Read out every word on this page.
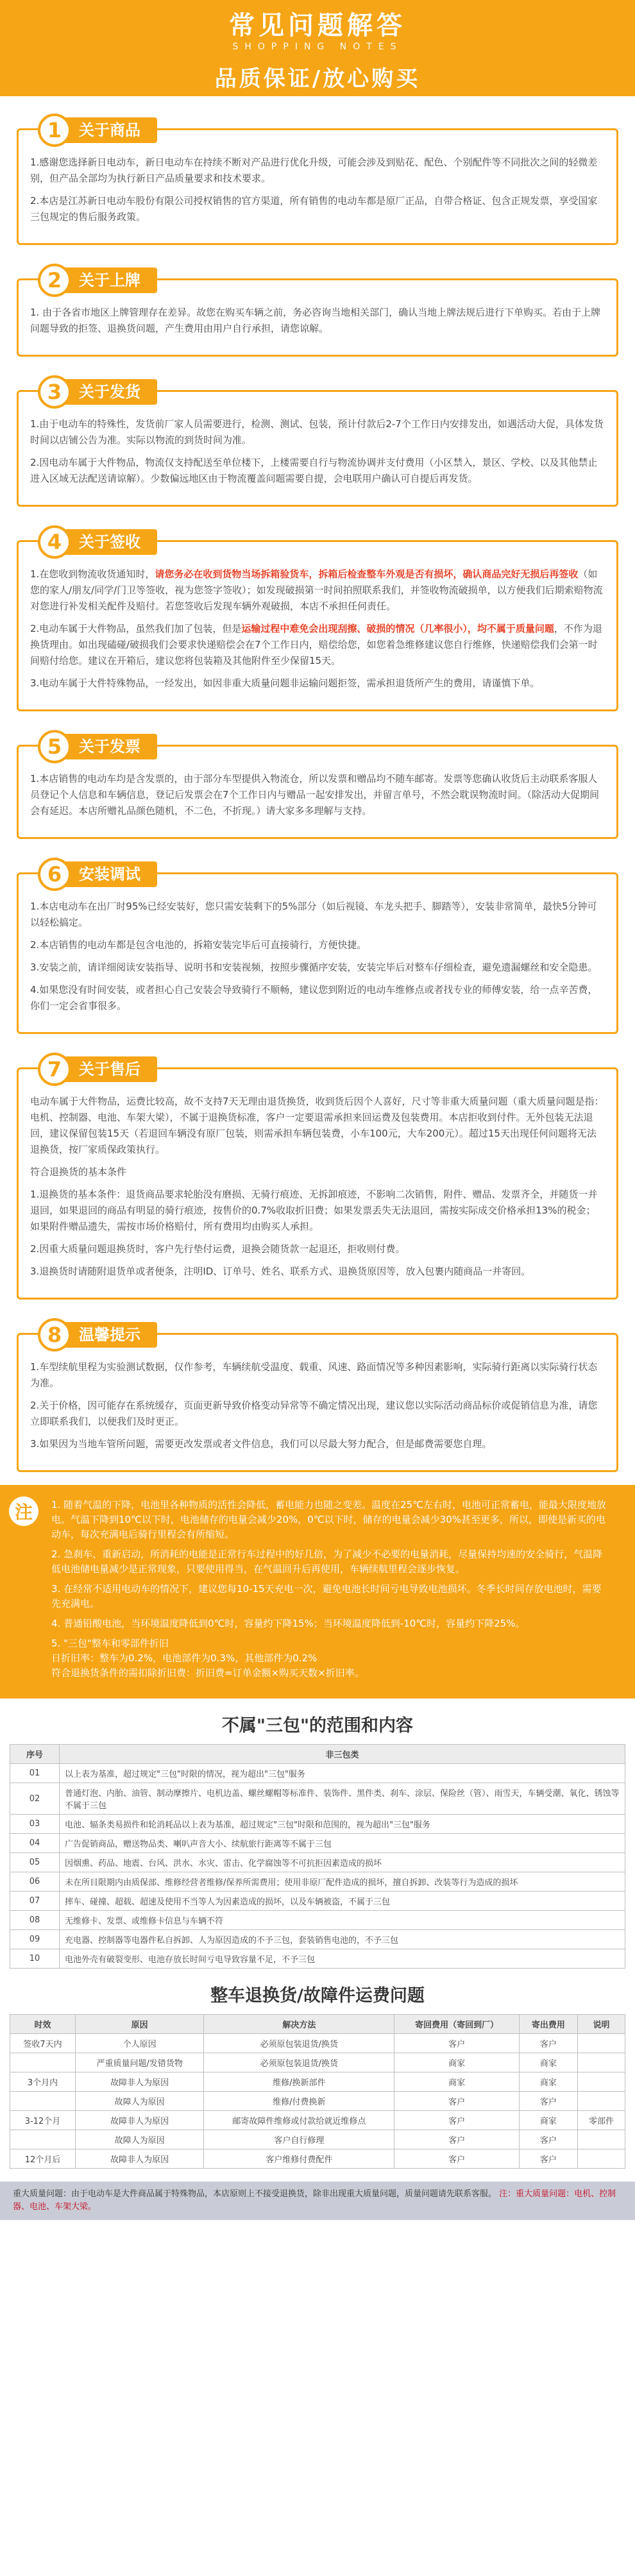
常见问题解答
SHOPPING NOTES
品质保证/放心购买
1	关于商品

1.感谢您选择新日电动车，新日电动车在持续不断对产品进行优化升级，可能会涉及到贴花、配色、个别配件等不同批次之间的轻微差别，但产品全部均为执行新日产品质量要求和技术要求。

2.本店是江苏新日电动车股份有限公司授权销售的官方渠道，所有销售的电动车都是原厂正品，自带合格证、包含正规发票，享受国家三包规定的售后服务政策。

2	关于上牌

1. 由于各省市地区上牌管理存在差异。故您在购买车辆之前，务必咨询当地相关部门，确认当地上牌法规后进行下单购买。若由于上牌问题导致的拒签、退换货问题，产生费用由用户自行承担，请您谅解。

3	关于发货

1.由于电动车的特殊性，发货前厂家人员需要进行，检测、测试、包装，预计付款后2-7个工作日内安排发出，如遇活动大促，具体发货时间以店铺公告为准。实际以物流的到货时间为准。

2.因电动车属于大件物品，物流仅支持配送至单位楼下，上楼需要自行与物流协调并支付费用（小区禁入，景区、学校、以及其他禁止进入区域无法配送请谅解）。少数偏远地区由于物流覆盖问题需要自提，会电联用户确认可自提后再发货。

4	关于签收

1.在您收到物流收货通知时，请您务必在收到货物当场拆箱验货车，拆箱后检查整车外观是否有损坏，确认商品完好无损后再签收（如您的家人/朋友/同学/门卫等签收，视为您签字签收）；如发现破损第一时间拍照联系我们，并签收物流破损单，以方便我们后期索赔物流对您进行补发相关配件及赔付。若您签收后发现车辆外观破损，本店不承担任何责任。

2.电动车属于大件物品，虽然我们加了包装，但是运输过程中难免会出现刮擦、破损的情况（几率很小），均不属于质量问题，不作为退换货理由。如出现磕碰/破损我们会要求快递赔偿会在7个工作日内，赔偿给您，如您着急维修建议您自行维修，快递赔偿我们会第一时间赔付给您。建议在开箱后，建议您将包装箱及其他附件至少保留15天。

3.电动车属于大件特殊物品，一经发出，如因非重大质量问题非运输问题拒签，需承担退货所产生的费用，请谨慎下单。

5	关于发票

1.本店销售的电动车均是含发票的，由于部分车型提供入物流仓，所以发票和赠品均不随车邮寄。发票等您确认收货后主动联系客服人员登记个人信息和车辆信息，登记后发票会在7个工作日内与赠品一起安排发出，并留言单号，不然会耽误物流时间。（除活动大促期间会有延迟。本店所赠礼品颜色随机，不二色，不折现。）请大家多多理解与支持。

6	安装调试

1.本店电动车在出厂时95%已经安装好，您只需安装剩下的5%部分（如后视镜、车龙头把手、脚踏等），安装非常简单，最快5分钟可以轻松搞定。

2.本店销售的电动车都是包含电池的，拆箱安装完毕后可直接骑行，方便快捷。

3.安装之前，请详细阅读安装指导、说明书和安装视频，按照步骤循序安装，安装完毕后对整车仔细检查，避免遗漏螺丝和安全隐患。

4.如果您没有时间安装，或者担心自己安装会导致骑行不顺畅，建议您到附近的电动车维修点或者找专业的师傅安装，给一点辛苦费，你们一定会省事很多。

7	关于售后

电动车属于大件物品，运费比较高，故不支持7天无理由退货换货，收到货后因个人喜好，尺寸等非重大质量问题（重大质量问题是指：电机、控制器、电池、车架大梁），不属于退换货标准，客户一定要退需承担来回运费及包装费用。本店拒收到付件。无外包装无法退回，建议保留包装15天（若退回车辆没有原厂包装，则需承担车辆包装费，小车100元，大车200元）。超过15天出现任何问题将无法退换货，按厂家质保政策执行。

符合退换货的基本条件

1.退换货的基本条件：退货商品要求轮胎没有磨损、无骑行痕迹、无拆卸痕迹，不影响二次销售，附件、赠品、发票齐全，并随货一并退回，如果退回的商品有明显的骑行痕迹，按售价的0.7%收取折旧费；如果发票丢失无法退回，需按实际成交价格承担13%的税金；如果附件赠品遗失，需按市场价格赔付，所有费用均由购买人承担。

2.因重大质量问题退换货时，客户先行垫付运费，退换会随货款一起退还，拒收则付费。

3.退换货时请随附退货单或者便条，注明ID、订单号、姓名、联系方式、退换货原因等，放入包裹内随商品一并寄回。

8	温馨提示

1.车型续航里程为实验测试数据，仅作参考，车辆续航受温度、载重、风速、路面情况等多种因素影响，实际骑行距离以实际骑行状态为准。

2.关于价格，因可能存在系统缓存，页面更新导致价格变动异常等不确定情况出现，建议您以实际活动商品标价或促销信息为准，请您立即联系我们，以便我们及时更正。

3.如果因为当地车管所问题，需要更改发票或者文件信息，我们可以尽最大努力配合，但是邮费需要您自理。

注	1. 随着气温的下降，电池里各种物质的活性会降低，蓄电能力也随之变差。温度在25℃左右时，电池可正常蓄电，能最大限度地放电。气温下降到10℃以下时，电池储存的电量会减少20%，0℃以下时，储存的电量会减少30%甚至更多，所以，即使是新买的电动车，每次充满电后骑行里程会有所缩短。

2. 急刹车、重新启动，所消耗的电能是正常行车过程中的好几倍，为了减少不必要的电量消耗，尽量保持均速的安全骑行，气温降低电池储电量减少是正常现象，只要使用得当，在气温回升后再使用，车辆续航里程会逐步恢复。

3. 在经常不适用电动车的情况下，建议您每10-15天充电一次，避免电池长时间亏电导致电池损坏。冬季长时间存放电池时，需要先充满电。

4. 普通铅酸电池，当环境温度降低到0℃时，容量约下降15%；当环境温度降低到-10℃时，容量约下降25%。

5. "三包"整车和零部件折旧
日折旧率：整车为0.2%，电池部件为0.3%，其他部件为0.2%
符合退换货条件的需扣除折旧费：折旧费=订单金额×购买天数×折旧率。

不属"三包"的范围和内容
序号	非三包类
01	以上表为基准，超过规定"三包"时限的情况，视为超出"三包"服务
02	普通灯泡、内胎、油管、制动摩擦片、电机边盖、螺丝螺帽等标准件、装饰件、黑件类、刹车、涂层、保险丝（管）、雨雪天，车辆受潮、氧化、锈蚀等不属于三包
03	电池、辐条类易损件和轮消耗品以上表为基准，超过规定"三包"时限和范围的，视为超出"三包"服务
04	广告促销商品，赠送物品类、喇叭声音大小、续航旅行距离等不属于三包
05	因烟熏、药品、地震、台风、洪水、水灾、雷击、化学腐蚀等不可抗拒因素造成的损坏
06	未在所目限期内由质保部、维修经营者维修/保养所需费用；使用非原厂配件造成的损坏，擅自拆卸、改装等行为造成的损坏
07	摔车、碰撞、超载、超速及使用不当等人为因素造成的损坏，以及车辆被盗，不属于三包
08	无维修卡、发票、或维修卡信息与车辆不符
09	充电器、控制器等电器件私自拆卸、人为原因造成的不予三包，套装销售电池的，不予三包
10	电池外壳有破裂变形、电池存放长时间亏电导致容量不足，不予三包
整车退换货/故障件运费问题
时效	原因	解决方法	寄回费用（寄回到厂）	寄出费用	说明
签收7天内	个人原因	必须原包装退货/换货	客户	客户	
	严重质量问题/发错货物	必须原包装退货/换货	商家	商家	
3个月内	故障非人为原因	维修/换新部件	商家	商家	
	故障人为原因	维修/付费换新	客户	客户	
3-12个月	故障非人为原因	邮寄故障件维修或付款给就近维修点	客户	商家	零部件
	故障人为原因	客户自行修理	客户	客户	
12个月后	故障非人为原因	客户维修付费配件	客户	客户	
重大质量问题：由于电动车是大件商品属于特殊物品，本店原则上不接受退换货，除非出现重大质量问题，质量问题请先联系客服。 注：重大质量问题：电机、控制器、电池、车架大梁。
